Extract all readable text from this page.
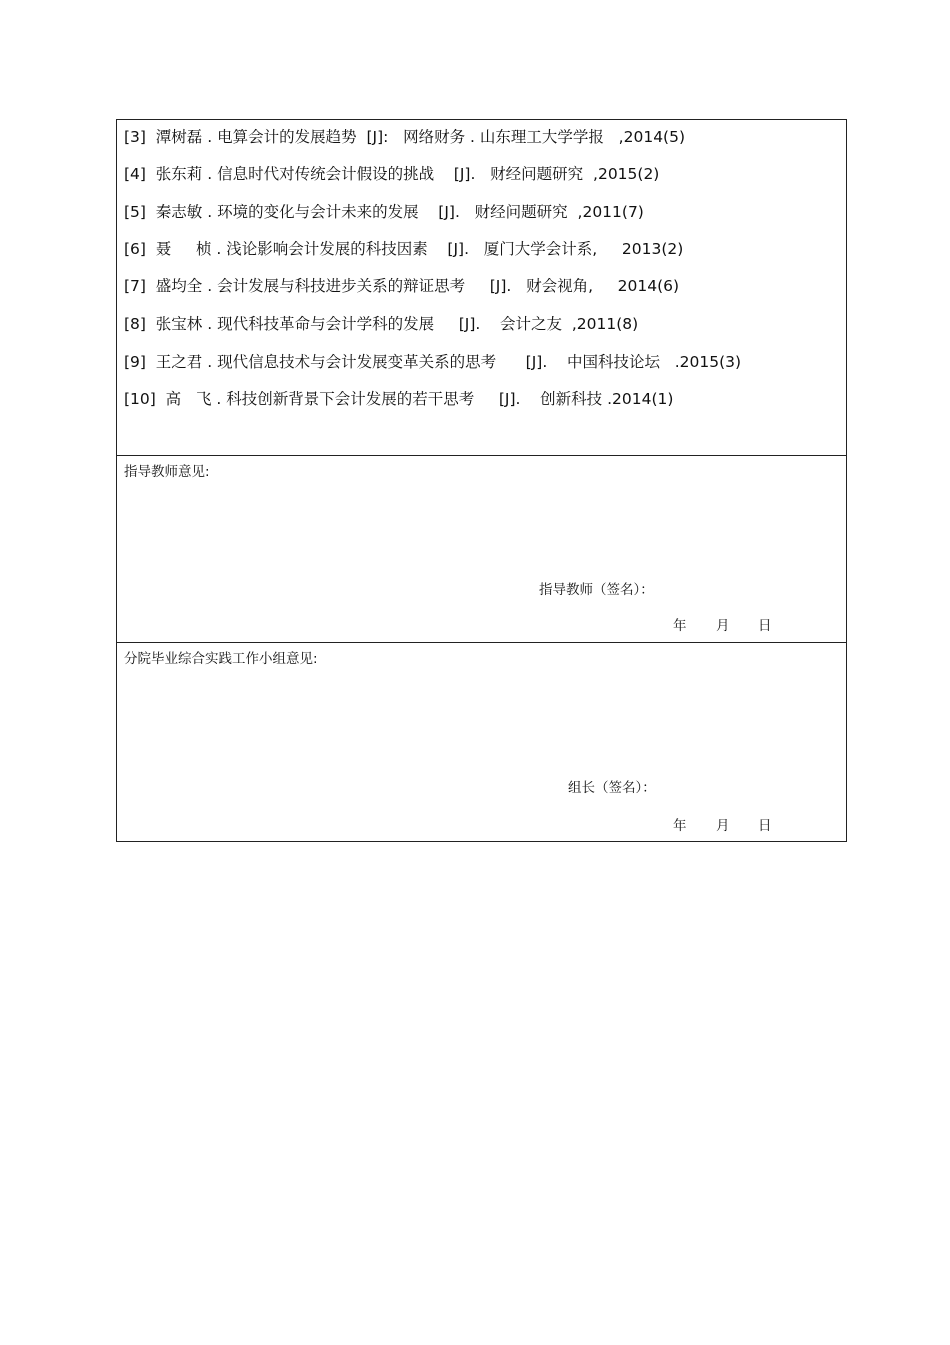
[3]  潭树磊 . 电算会计的发展趋势  [J]:   网络财务 . 山东理工大学学报   ,2014(5)
[4]  张东莉 . 信息时代对传统会计假设的挑战    [J].   财经问题研究  ,2015(2)
[5]  秦志敏 . 环境的变化与会计未来的发展    [J].   财经问题研究  ,2011(7)
[6]  聂     桢 . 浅论影响会计发展的科技因素    [J].   厦门大学会计系,     2013(2)
[7]  盛均全 . 会计发展与科技进步关系的辩证思考     [J].   财会视角,     2014(6)
[8]  张宝林 . 现代科技革命与会计学科的发展     [J].    会计之友  ,2011(8)
[9]  王之君 . 现代信息技术与会计发展变革关系的思考      [J].    中国科技论坛   .2015(3)
[10]  高   飞 . 科技创新背景下会计发展的若干思考     [J].    创新科技 .2014(1)
指导教师意见:
指导教师（签名）：

年

月

日

分院毕业综合实践工作小组意见:
组长（签名）：

年

月

日
